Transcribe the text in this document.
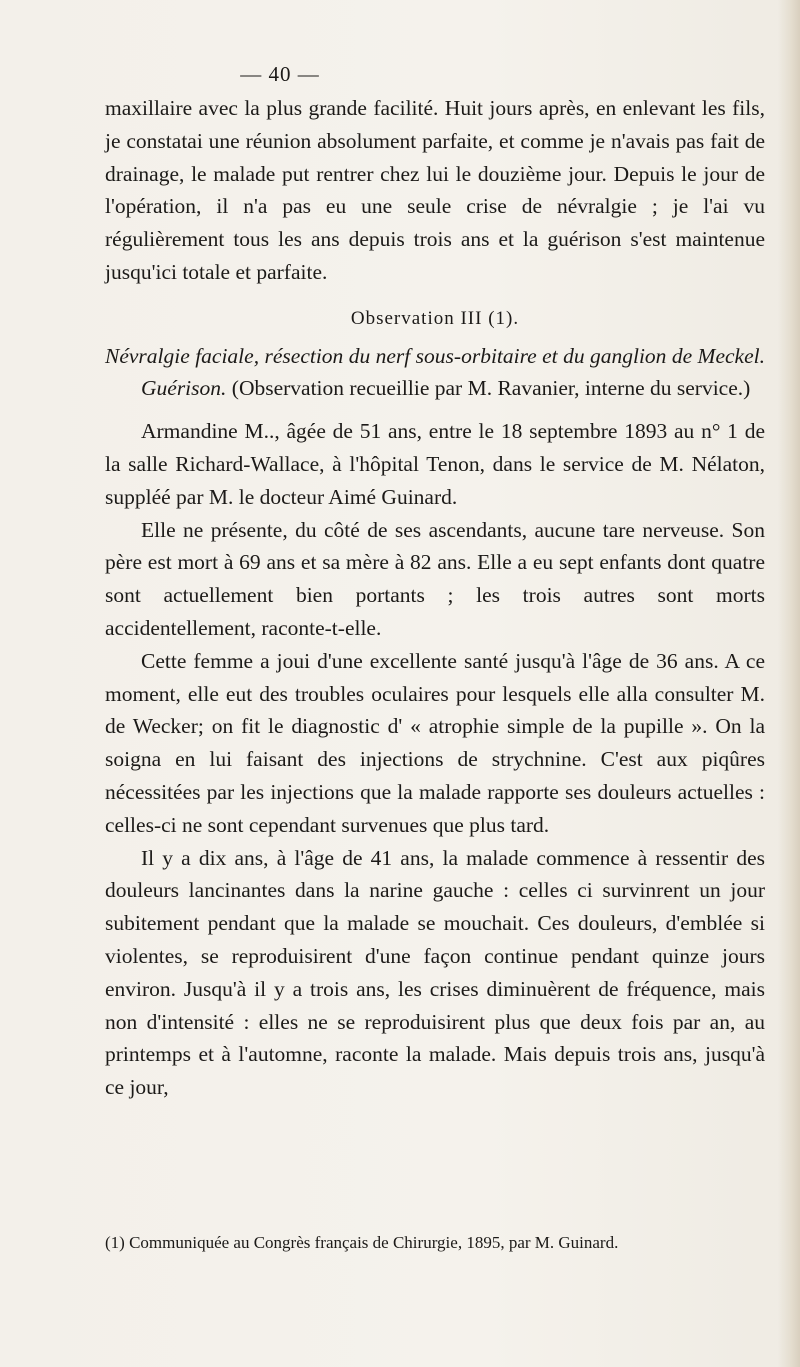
— 40 —

maxillaire avec la plus grande facilité. Huit jours après, en enlevant les fils, je constatai une réunion absolument parfaite, et comme je n'avais pas fait de drainage, le malade put rentrer chez lui le douzième jour. Depuis le jour de l'opération, il n'a pas eu une seule crise de névralgie ; je l'ai vu régulièrement tous les ans depuis trois ans et la guérison s'est maintenue jusqu'ici totale et parfaite.

Observation III (1).

Névralgie faciale, résection du nerf sous-orbitaire et du ganglion de Meckel. Guérison. (Observation recueillie par M. Ravanier, interne du service.)

Armandine M.., âgée de 51 ans, entre le 18 septembre 1893 au n° 1 de la salle Richard-Wallace, à l'hôpital Tenon, dans le service de M. Nélaton, suppléé par M. le docteur Aimé Guinard.

Elle ne présente, du côté de ses ascendants, aucune tare nerveuse. Son père est mort à 69 ans et sa mère à 82 ans. Elle a eu sept enfants dont quatre sont actuellement bien portants ; les trois autres sont morts accidentellement, raconte-t-elle.

Cette femme a joui d'une excellente santé jusqu'à l'âge de 36 ans. A ce moment, elle eut des troubles oculaires pour lesquels elle alla consulter M. de Wecker; on fit le diagnostic d' « atrophie simple de la pupille ». On la soigna en lui faisant des injections de strychnine. C'est aux piqûres nécessitées par les injections que la malade rapporte ses douleurs actuelles : celles-ci ne sont cependant survenues que plus tard.

Il y a dix ans, à l'âge de 41 ans, la malade commence à ressentir des douleurs lancinantes dans la narine gauche : celles ci survinrent un jour subitement pendant que la malade se mouchait. Ces douleurs, d'emblée si violentes, se reproduisirent d'une façon continue pendant quinze jours environ. Jusqu'à il y a trois ans, les crises diminuèrent de fréquence, mais non d'intensité : elles ne se reproduisirent plus que deux fois par an, au printemps et à l'automne, raconte la malade. Mais depuis trois ans, jusqu'à ce jour,

(1) Communiquée au Congrès français de Chirurgie, 1895, par M. Guinard.
